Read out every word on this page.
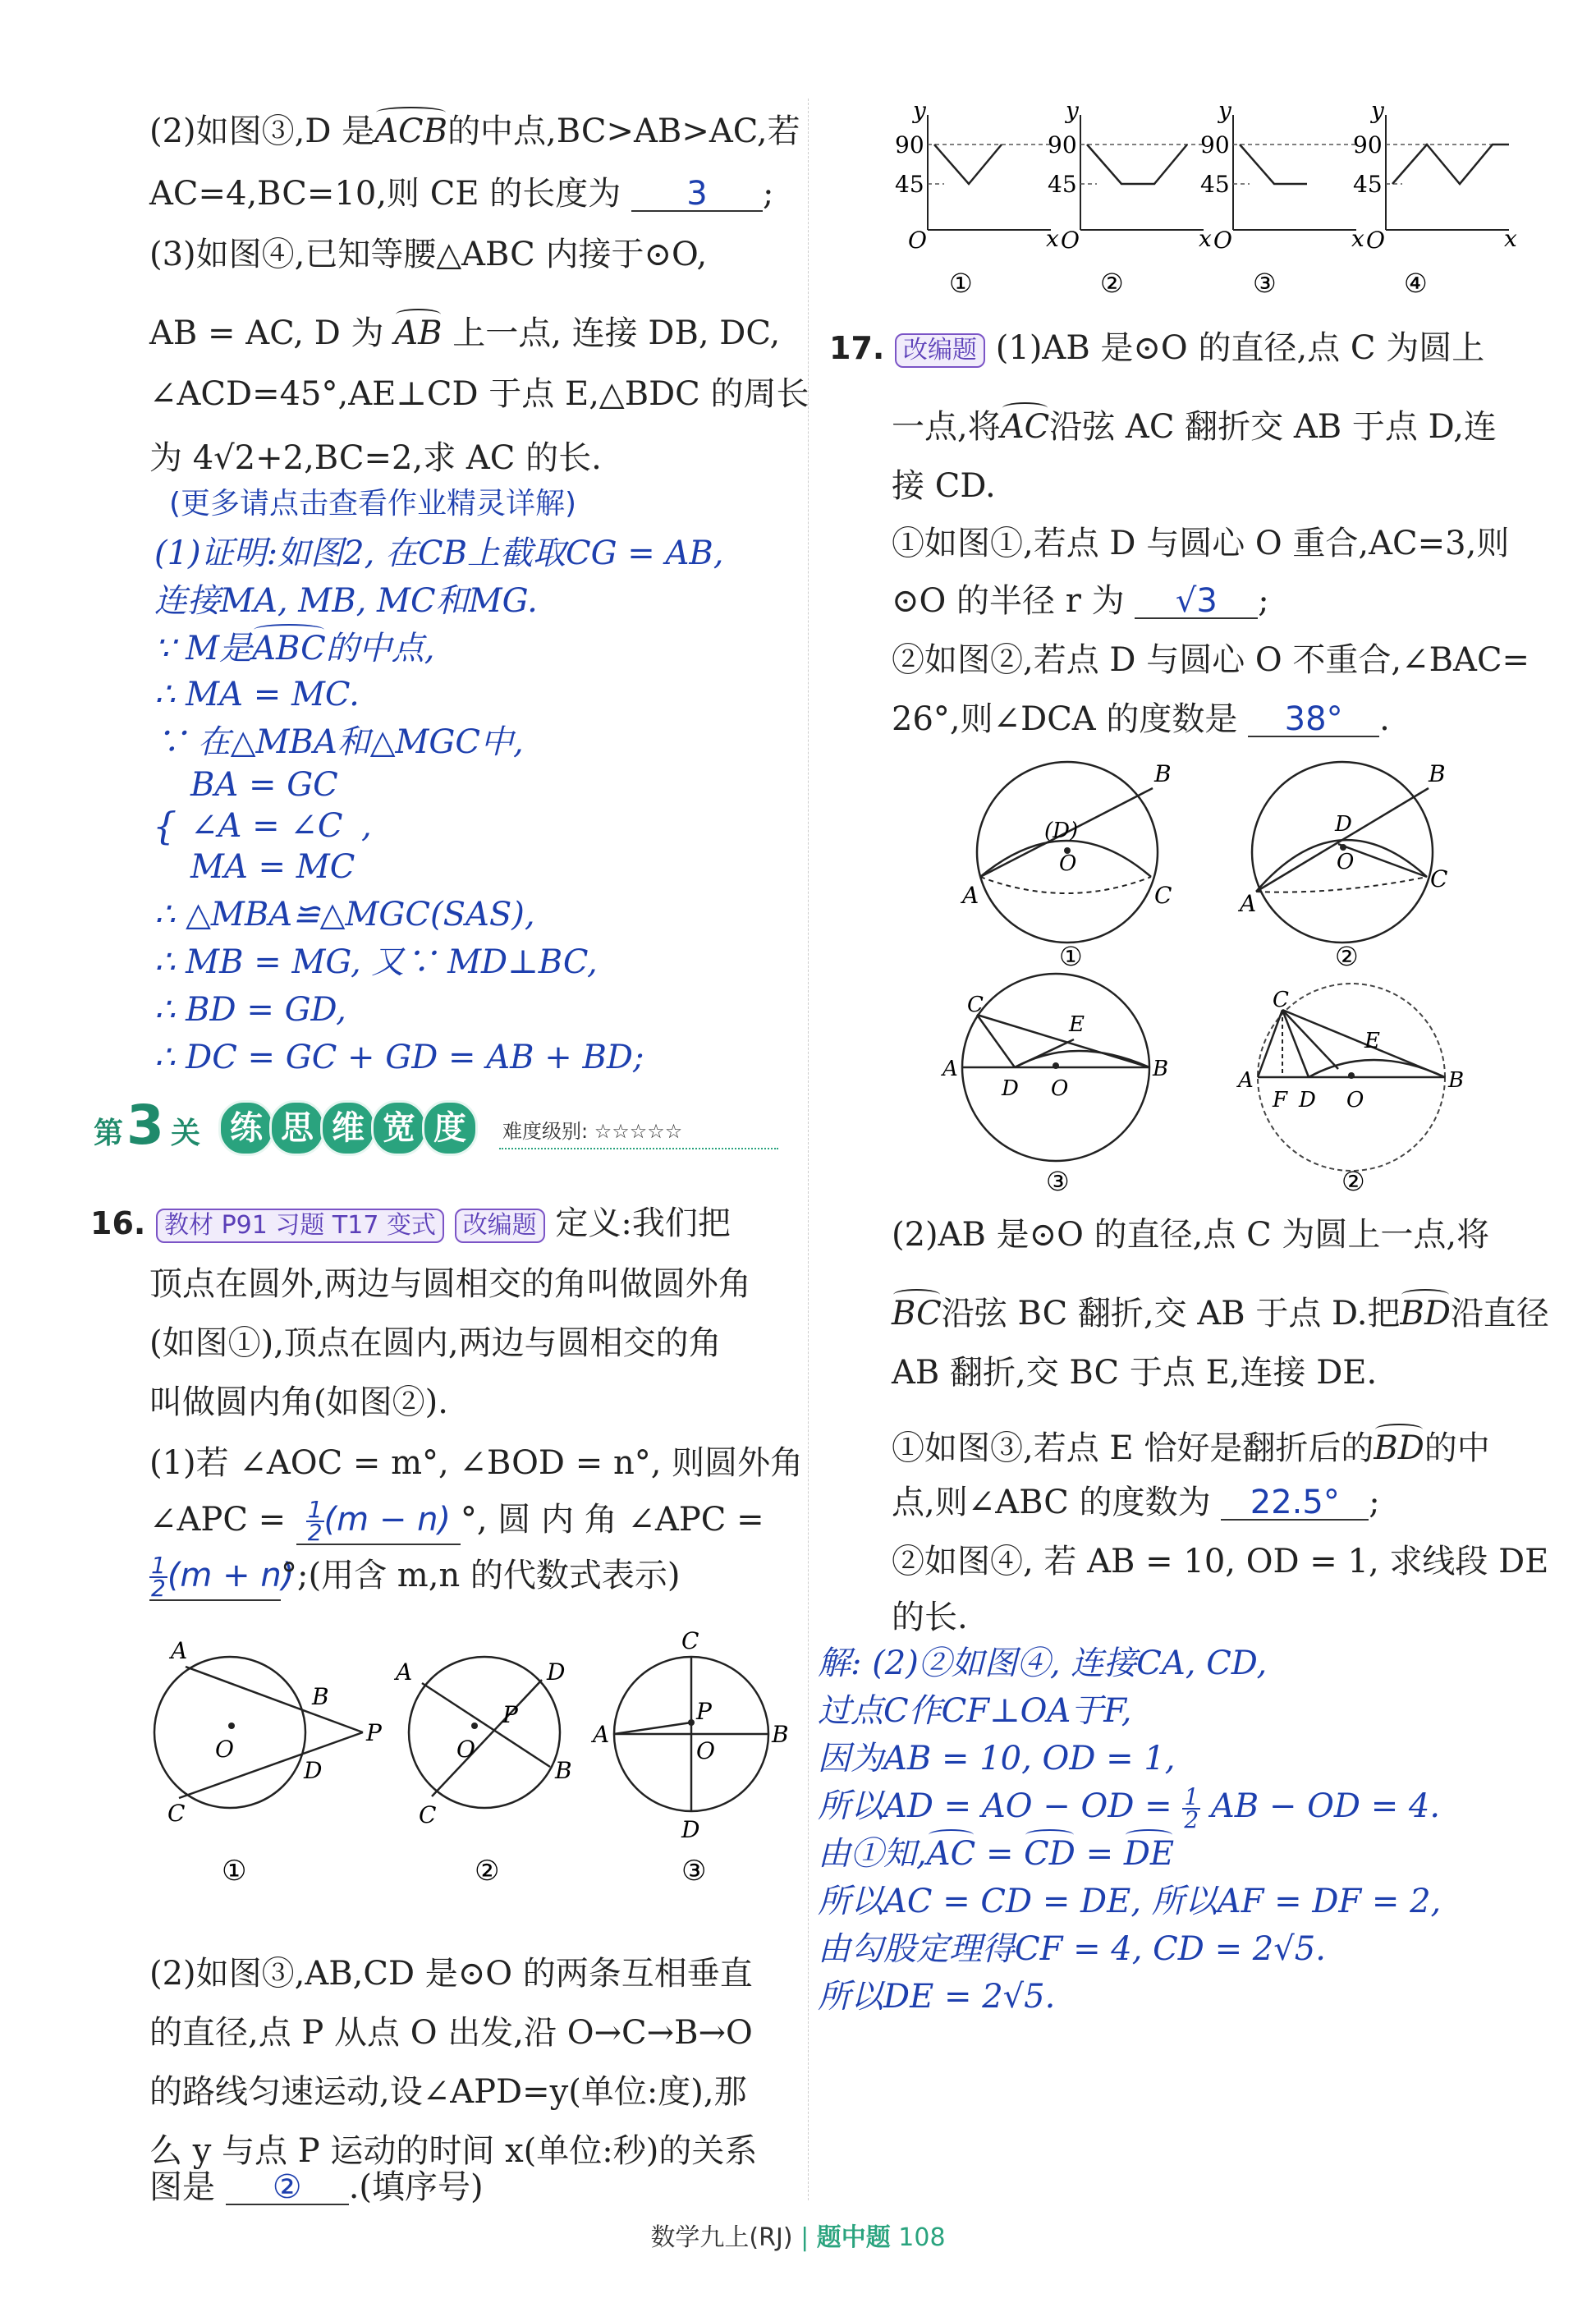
(2)如图③,D 是ACB的中点,BC>AB>AC,若
AC=4,BC=10,则 CE 的长度为 3 ;
(3)如图④,已知等腰△ABC 内接于⊙O,
AB = AC, D 为 AB 上一点, 连接 DB, DC,
∠ACD=45°,AE⊥CD 于点 E,△BDC 的周长
为 4√2+2,BC=2,求 AC 的长.
(更多请点击查看作业精灵详解)
(1)证明:如图2, 在CB上截取CG = AB,
连接MA, MB, MC和MG.
∵ M是ABC的中点,
∴ MA = MC.
∵ 在△MBA和△MGC中,
BA = GC
{ ∠A = ∠C ,
MA = MC
∴ △MBA≌△MGC(SAS),
∴ MB = MG, 又∵ MD⊥BC,
∴ BD = GD,
∴ DC = GC + GD = AB + BD;
第 3 关 练 思 维 宽 度	难度级别: ☆☆☆☆☆
16. 教材 P91 习题 T17 变式 改编题 定义:我们把
顶点在圆外,两边与圆相交的角叫做圆外角
(如图①),顶点在圆内,两边与圆相交的角
叫做圆内角(如图②).
(1)若 ∠AOC = m°, ∠BOD = n°, 则圆外角
∠APC = $\frac{1}{2} (m - n)$ °, 圆 内 角 ∠APC =
$\frac{1}{2} (m$ + n)°;(用含 m,n 的代数式表示)
A
B
D
C
P
O
①
A	D
P
B
C
O
②
C
A	B
P
O
D
③
(2)如图③,AB,CD 是⊙O 的两条互相垂直
的直径,点 P 从点 O 出发,沿 O→C→B→O
的路线匀速运动,设∠APD=y(单位:度),那
么 y 与点 P 运动的时间 x(单位:秒)的关系
图是 ② .(填序号)
90
45
O	x
y
90
45
O	x
y
90
45
O	x
y
90
45
O	x
y
①	②	③	④
17. 改编题 (1)AB 是⊙O 的直径,点 C 为圆上
一点,将AC沿弦 AC 翻折交 AB 于点 D,连
接 CD.
①如图①,若点 D 与圆心 O 重合,AC=3,则
⊙O 的半径 r 为 √3 ;
②如图②,若点 D 与圆心 O 不重合,∠BAC=
26°,则∠DCA 的度数是 38° .
A
B
C
(D)
O
①
A
B
C
D
O
②
C
A	B
E
D O
③
C
A	B
E
F D O
②
(2)AB 是⊙O 的直径,点 C 为圆上一点,将
BC沿弦 BC 翻折,交 AB 于点 D.把BD沿直径
AB 翻折,交 BC 于点 E,连接 DE.
①如图③,若点 E 恰好是翻折后的BD的中
点,则∠ABC 的度数为 22.5° ;
②如图④, 若 AB = 10, OD = 1, 求线段 DE
的长.
解: (2)②如图④, 连接CA, CD,
过点C作CF⊥OA于F,
因为AB = 10, OD = 1,
所以AD = AO − OD = $\frac{1}{2}$ AB − OD = 4.
由①知,AC = CD = DE
所以AC = CD = DE, 所以AF = DF = 2,
由勾股定理得CF = 4, CD = 2√5.
所以DE = 2√5.
数学九上(RJ) | 题中题 108
